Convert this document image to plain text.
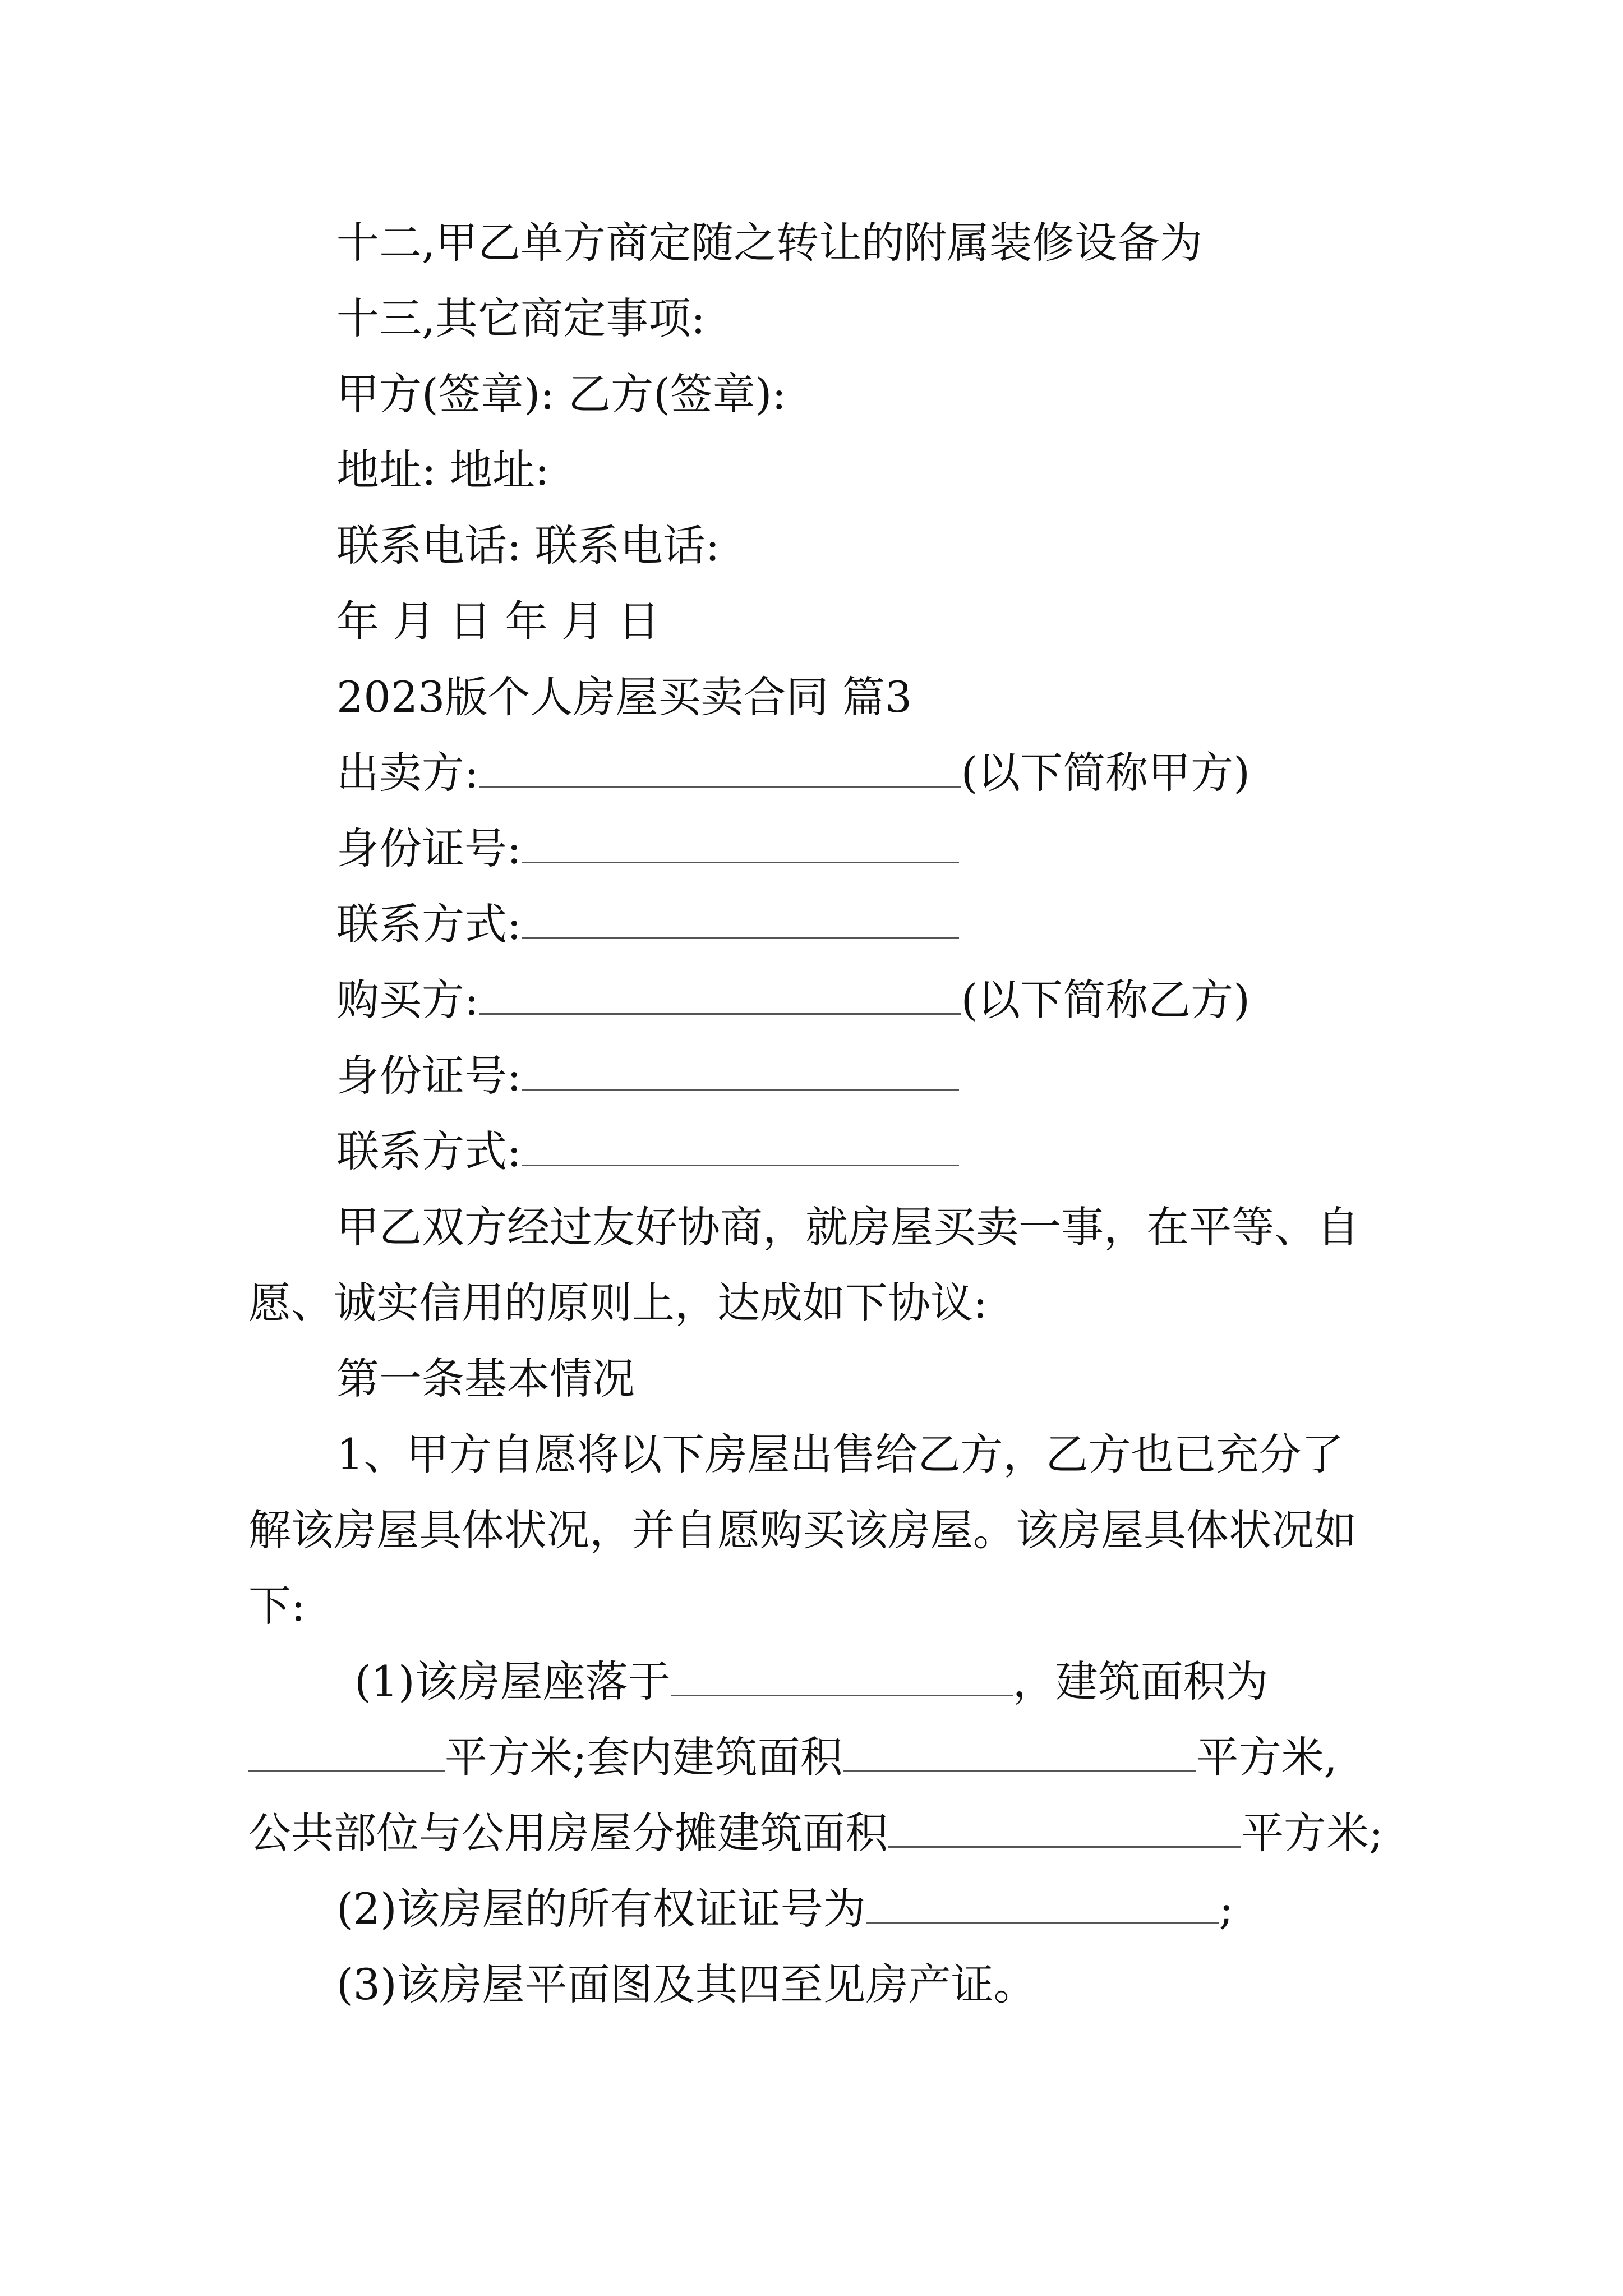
十二,甲乙单方商定随之转让的附属装修设备为
十三,其它商定事项:
甲方(签章): 乙方(签章):
地址: 地址:
联系电话: 联系电话:
年 月 日 年 月 日
2023版个人房屋买卖合同 篇3
出卖方:	(以下简称甲方)
身份证号:
联系方式:
购买方:	(以下简称乙方)
身份证号:
联系方式:
甲乙双方经过友好协商，就房屋买卖一事，在平等、自
愿、诚实信用的原则上，达成如下协议:
第一条基本情况
1、甲方自愿将以下房屋出售给乙方，乙方也已充分了
解该房屋具体状况，并自愿购买该房屋。该房屋具体状况如
下:
(1)该房屋座落于	，建筑面积为
平方米;套内建筑面积	平方米,
公共部位与公用房屋分摊建筑面积	平方米;
(2)该房屋的所有权证证号为	;
(3)该房屋平面图及其四至见房产证。
